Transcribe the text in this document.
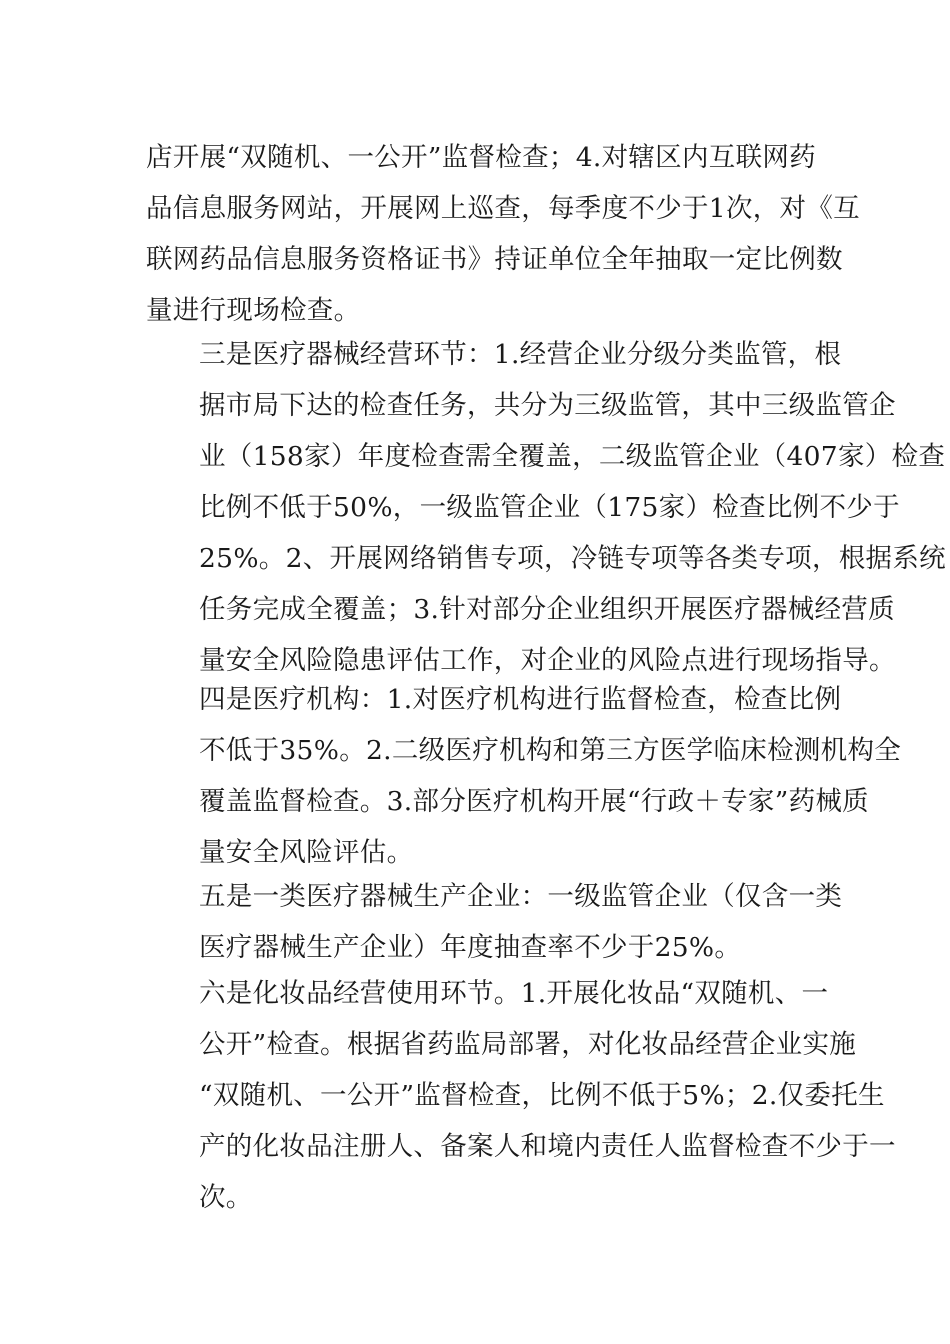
店开展“双随机、一公开”监督检查；4.对辖区内互联网药
品信息服务网站，开展网上巡查，每季度不少于1次，对《互
联网药品信息服务资格证书》持证单位全年抽取一定比例数
量进行现场检查。

三是医疗器械经营环节：1.经营企业分级分类监管，根
据市局下达的检查任务，共分为三级监管，其中三级监管企
业（158家）年度检查需全覆盖，二级监管企业（407家）检查
比例不低于50%，一级监管企业（175家）检查比例不少于
25%。2、开展网络销售专项，冷链专项等各类专项，根据系统
任务完成全覆盖；3.针对部分企业组织开展医疗器械经营质
量安全风险隐患评估工作，对企业的风险点进行现场指导。

四是医疗机构：1.对医疗机构进行监督检查，检查比例
不低于35%。2.二级医疗机构和第三方医学临床检测机构全
覆盖监督检查。3.部分医疗机构开展“行政＋专家”药械质
量安全风险评估。

五是一类医疗器械生产企业：一级监管企业（仅含一类
医疗器械生产企业）年度抽查率不少于25%。

六是化妆品经营使用环节。1.开展化妆品“双随机、一
公开”检查。根据省药监局部署，对化妆品经营企业实施
“双随机、一公开”监督检查，比例不低于5%；2.仅委托生
产的化妆品注册人、备案人和境内责任人监督检查不少于一
次。
